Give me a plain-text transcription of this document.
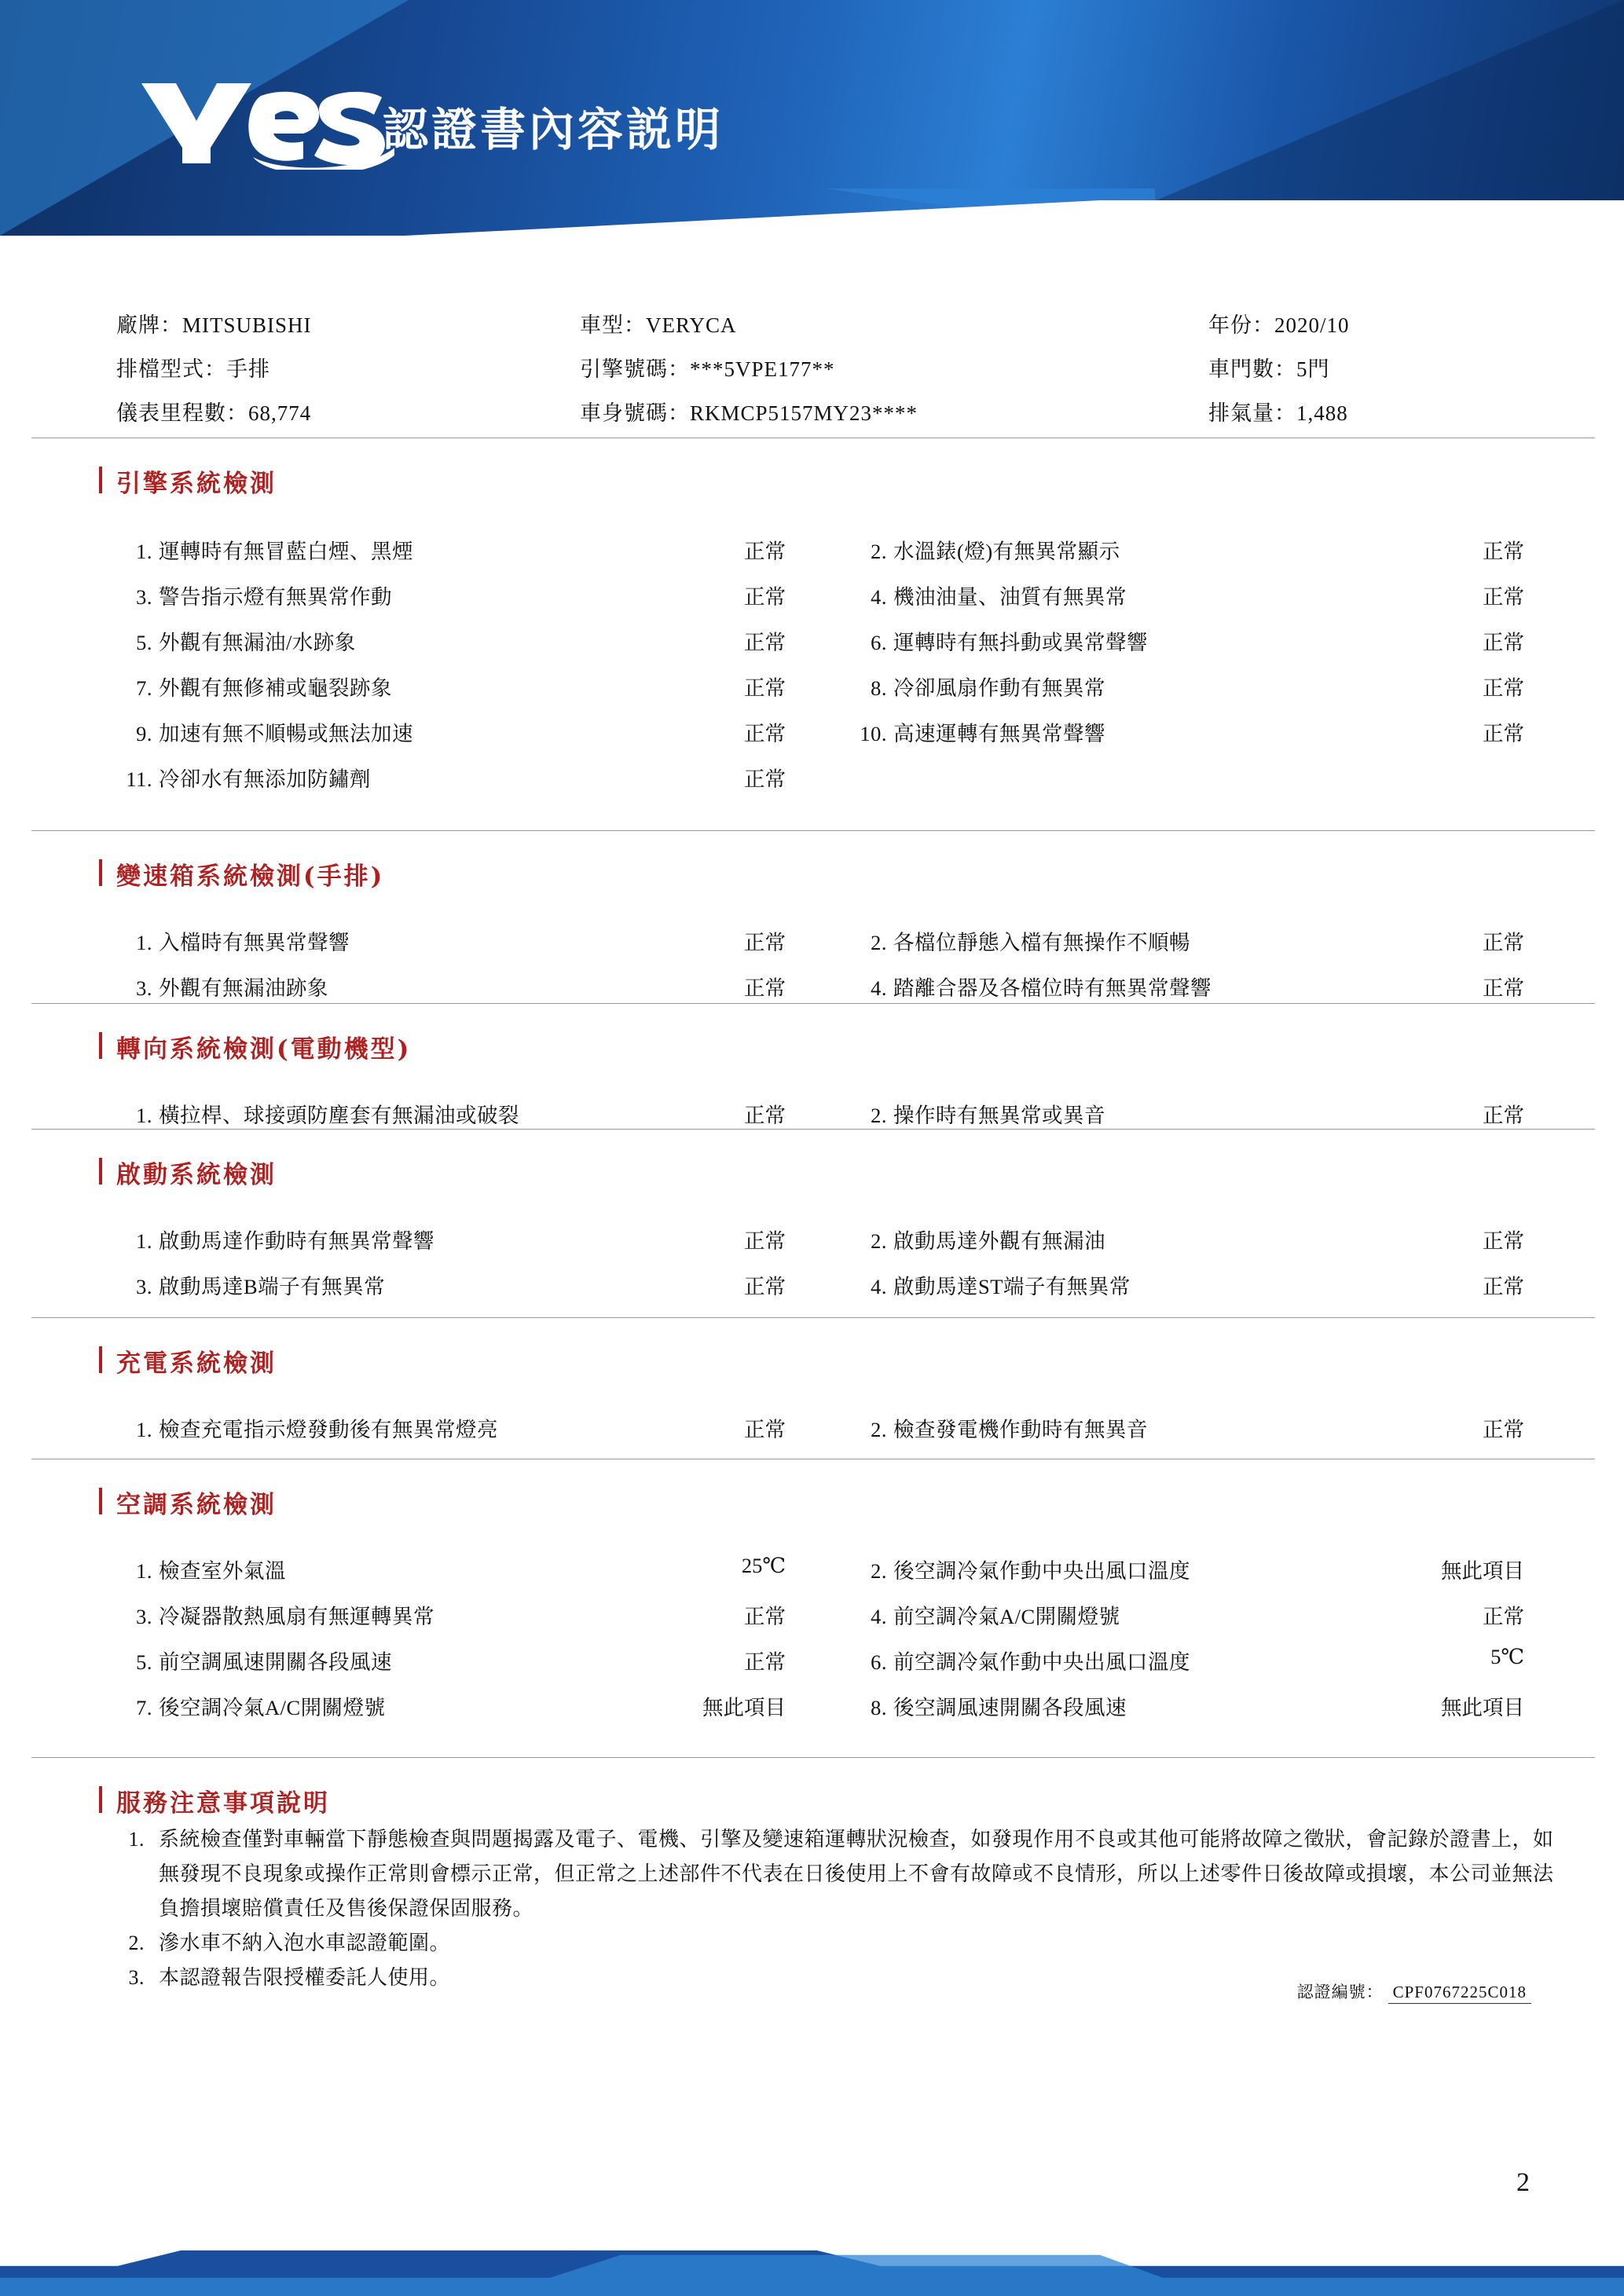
認證書內容説明
廠牌：MITSUBISHI	車型：VERYCA	年份：2020/10
排檔型式：手排	引擎號碼：***5VPE177**	車門數：5門
儀表里程數：68,774	車身號碼：RKMCP5157MY23****	排氣量：1,488
引擎系統檢測
1. 運轉時有無冒藍白煙、黑煙	正常	2. 水溫錶(燈)有無異常顯示	正常
3. 警告指示燈有無異常作動	正常	4. 機油油量、油質有無異常	正常
5. 外觀有無漏油/水跡象	正常	6. 運轉時有無抖動或異常聲響	正常
7. 外觀有無修補或龜裂跡象	正常	8. 冷卻風扇作動有無異常	正常
9. 加速有無不順暢或無法加速	正常	10. 高速運轉有無異常聲響	正常
11. 冷卻水有無添加防鏽劑	正常
變速箱系統檢測(手排)
1. 入檔時有無異常聲響	正常	2. 各檔位靜態入檔有無操作不順暢	正常
3. 外觀有無漏油跡象	正常	4. 踏離合器及各檔位時有無異常聲響	正常
轉向系統檢測(電動機型)
1. 橫拉桿、球接頭防塵套有無漏油或破裂	正常	2. 操作時有無異常或異音	正常
啟動系統檢測
1. 啟動馬達作動時有無異常聲響	正常	2. 啟動馬達外觀有無漏油	正常
3. 啟動馬達B端子有無異常	正常	4. 啟動馬達ST端子有無異常	正常
充電系統檢測
1. 檢查充電指示燈發動後有無異常燈亮	正常	2. 檢查發電機作動時有無異音	正常
空調系統檢測
1. 檢查室外氣溫	25℃	2. 後空調冷氣作動中央出風口溫度	無此項目
3. 冷凝器散熱風扇有無運轉異常	正常	4. 前空調冷氣A/C開關燈號	正常
5. 前空調風速開關各段風速	正常	6. 前空調冷氣作動中央出風口溫度	5℃
7. 後空調冷氣A/C開關燈號	無此項目	8. 後空調風速開關各段風速	無此項目
服務注意事項說明
1. 系統檢查僅對車輛當下靜態檢查與問題揭露及電子、電機、引擎及變速箱運轉狀況檢查，如發現作用不良或其他可能將故障之徵狀，會記錄於證書上，如無發現不良現象或操作正常則會標示正常，但正常之上述部件不代表在日後使用上不會有故障或不良情形，所以上述零件日後故障或損壞，本公司並無法負擔損壞賠償責任及售後保證保固服務。
2. 滲水車不納入泡水車認證範圍。
3. 本認證報告限授權委託人使用。
認證編號： CPF0767225C018
2
